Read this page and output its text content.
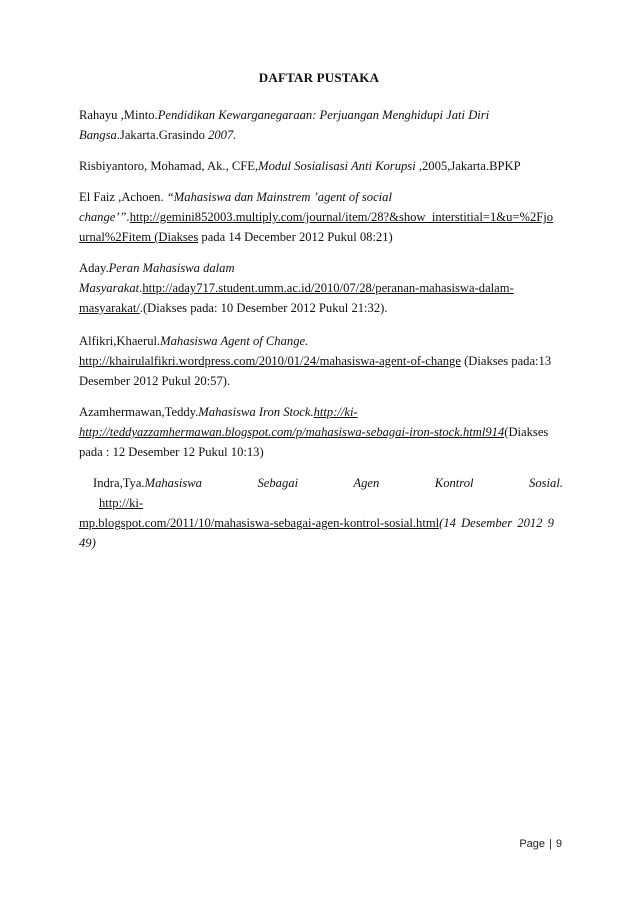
DAFTAR PUSTAKA
Rahayu ,Minto.Pendidikan Kewarganegaraan: Perjuangan Menghidupi Jati Diri
Bangsa.Jakarta.Grasindo 2007.
Risbiyantoro, Mohamad, Ak., CFE,Modul Sosialisasi Anti Korupsi ,2005,Jakarta.BPKP
El Faiz ,Achoen. “Mahasiswa dan Mainstrem ’agent of social
change’”.http://gemini852003.multiply.com/journal/item/28?&show_interstitial=1&u=%2Fjo
urnal%2Fitem (Diakses pada 14 December 2012 Pukul 08:21)
Aday.Peran Mahasiswa dalam
Masyarakat.http://aday717.student.umm.ac.id/2010/07/28/peranan-mahasiswa-dalam-
masyarakat/.(Diakses pada: 10 Desember 2012 Pukul 21:32).
Alfikri,Khaerul.Mahasiswa Agent of Change.
http://khairulalfikri.wordpress.com/2010/01/24/mahasiswa-agent-of-change (Diakses pada:13
Desember 2012 Pukul 20:57).
Azamhermawan,Teddy.Mahasiswa Iron Stock.http://ki-
http://teddyazzamhermawan.blogspot.com/p/mahasiswa-sebagai-iron-stock.html914(Diakses
pada : 12 Desember 12 Pukul 10:13)
Indra,Tya.Mahasiswa Sebagai Agen Kontrol Sosial. http://ki-
mp.blogspot.com/2011/10/mahasiswa-sebagai-agen-kontrol-sosial.html(14 Desember 2012 9
49)
Page | 9
